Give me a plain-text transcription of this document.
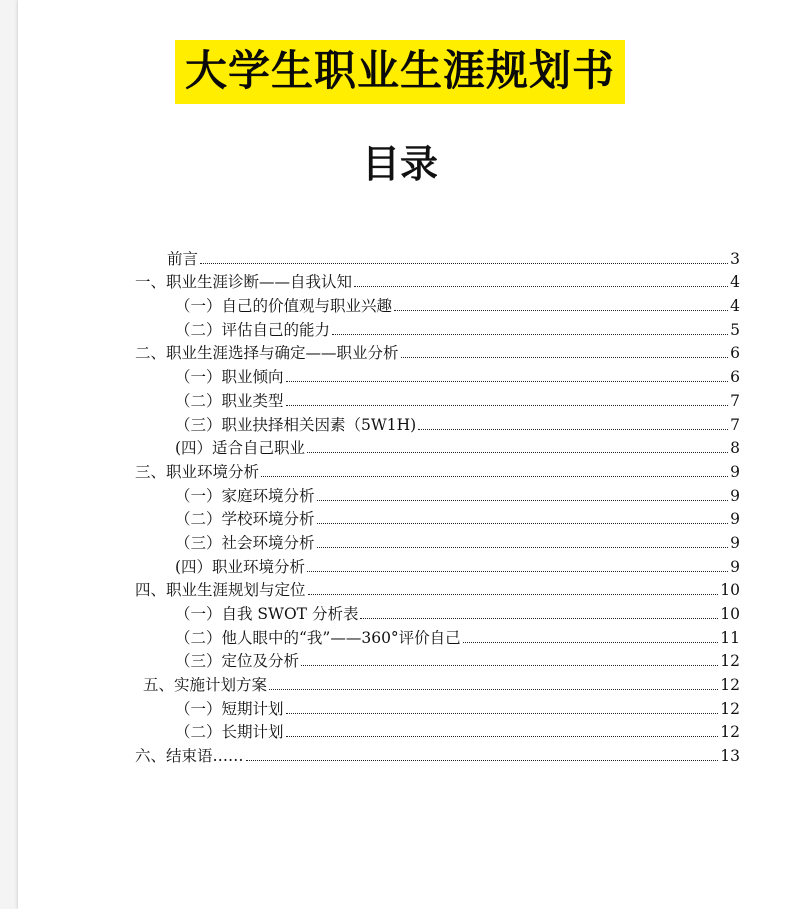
大学生职业生涯规划书
目录
前言	3
一、职业生涯诊断——自我认知	4
（一）自己的价值观与职业兴趣	4
（二）评估自己的能力	5
二、职业生涯选择与确定——职业分析	6
（一）职业倾向	6
（二）职业类型	7
（三）职业抉择相关因素（5W1H)	7
(四）适合自己职业	8
三、职业环境分析	9
（一）家庭环境分析	9
（二）学校环境分析	9
（三）社会环境分析	9
(四）职业环境分析	9
四、职业生涯规划与定位	10
（一）自我 SWOT 分析表	10
（二）他人眼中的“我”——360°评价自己	11
（三）定位及分析	12
五、实施计划方案	12
（一）短期计划	12
（二）长期计划	12
六、结束语……	13
